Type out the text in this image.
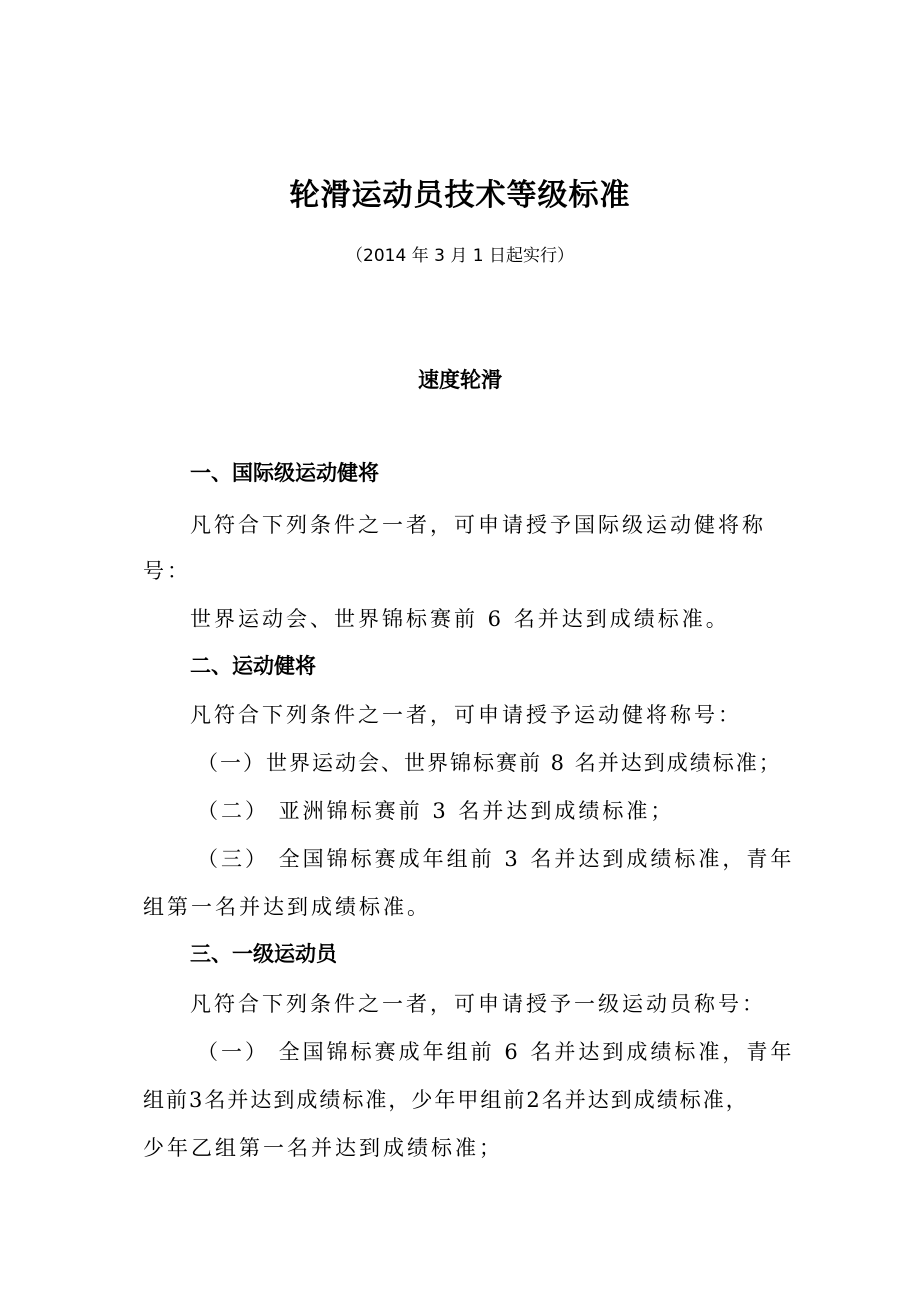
轮滑运动员技术等级标准
（2014 年 3 月 1 日起实行）
速度轮滑
一、国际级运动健将
凡符合下列条件之一者，可申请授予国际级运动健将称
号：
世界运动会、世界锦标赛前 6 名并达到成绩标准。
二、运动健将
凡符合下列条件之一者，可申请授予运动健将称号：
（一）世界运动会、世界锦标赛前 8 名并达到成绩标准；
（二） 亚洲锦标赛前 3 名并达到成绩标准；
（三） 全国锦标赛成年组前 3 名并达到成绩标准，青年
组第一名并达到成绩标准。
三、一级运动员
凡符合下列条件之一者，可申请授予一级运动员称号：
（一） 全国锦标赛成年组前 6 名并达到成绩标准，青年
组前3名并达到成绩标准，少年甲组前2名并达到成绩标准，
少年乙组第一名并达到成绩标准；
